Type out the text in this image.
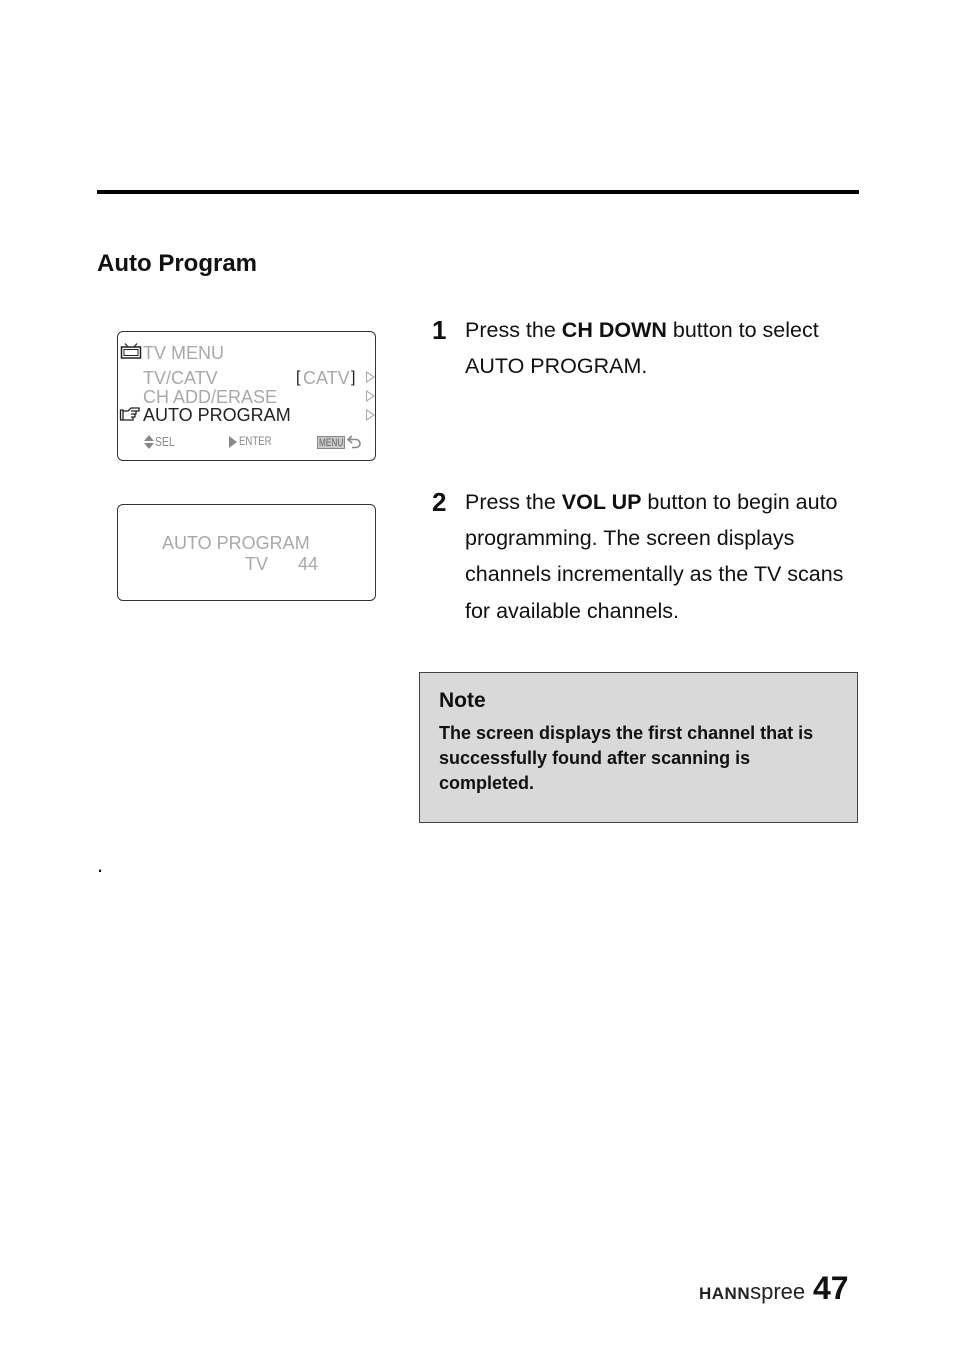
Auto Program
TV MENU
TV/CATV	[ CATV ]
CH ADD/ERASE
AUTO PROGRAM
SEL	ENTER	MENU
AUTO PROGRAM
TV 44
1 Press the CH DOWN button to select AUTO PROGRAM.
2 Press the VOL UP button to begin auto programming. The screen displays channels incrementally as the TV scans for available channels.
Note
The screen displays the first channel that is successfully found after scanning is completed.
.
HANNspree 47
